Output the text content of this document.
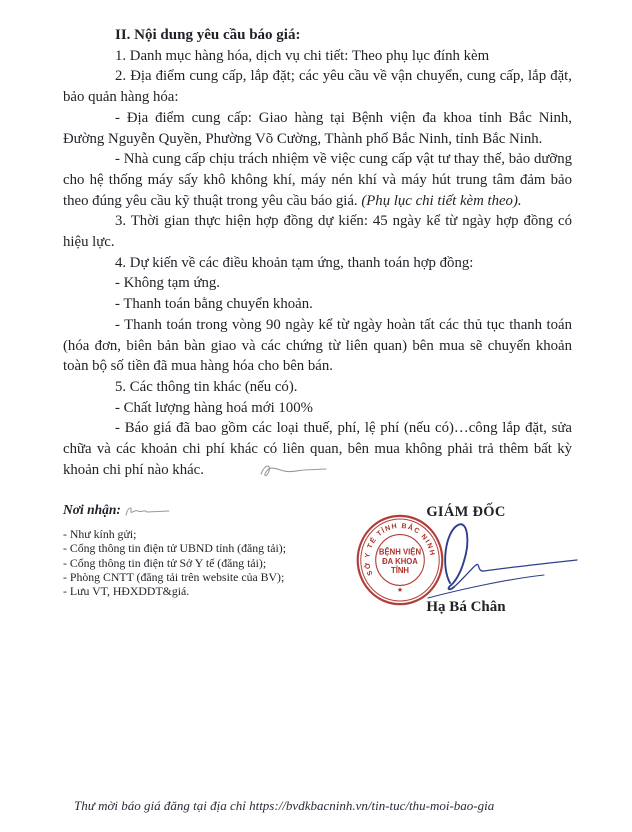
II. Nội dung yêu cầu báo giá:

1. Danh mục hàng hóa, dịch vụ chi tiết: Theo phụ lục đính kèm

2. Địa điểm cung cấp, lắp đặt; các yêu cầu về vận chuyển, cung cấp, lắp đặt, bảo quản hàng hóa:

- Địa điểm cung cấp: Giao hàng tại Bệnh viện đa khoa tỉnh Bắc Ninh, Đường Nguyễn Quyền, Phường Võ Cường, Thành phố Bắc Ninh, tỉnh Bắc Ninh.

- Nhà cung cấp chịu trách nhiệm về việc cung cấp vật tư thay thế, bảo dưỡng cho hệ thống máy sấy khô không khí, máy nén khí và máy hút trung tâm đảm bảo theo đúng yêu cầu kỹ thuật trong yêu cầu báo giá. (Phụ lục chi tiết kèm theo).

3. Thời gian thực hiện hợp đồng dự kiến: 45 ngày kể từ ngày hợp đồng có hiệu lực.

4. Dự kiến về các điều khoản tạm ứng, thanh toán hợp đồng:

- Không tạm ứng.

- Thanh toán bằng chuyển khoản.

- Thanh toán trong vòng 90 ngày kể từ ngày hoàn tất các thủ tục thanh toán (hóa đơn, biên bản bàn giao và các chứng từ liên quan) bên mua sẽ chuyển khoản toàn bộ số tiền đã mua hàng hóa cho bên bán.

5. Các thông tin khác (nếu có).

- Chất lượng hàng hoá mới 100%

- Báo giá đã bao gồm các loại thuế, phí, lệ phí (nếu có)…công lắp đặt, sửa chữa và các khoản chi phí khác có liên quan, bên mua không phải trả thêm bất kỳ khoản chi phí nào khác.

Nơi nhận:
- Như kính gửi;
- Cổng thông tin điện tử UBND tỉnh (đăng tải);
- Cổng thông tin điện tử Sở Y tế (đăng tải);
- Phòng CNTT (đăng tải trên website của BV);
- Lưu VT, HĐXDDT&giá.
GIÁM ĐỐC
SỞ Y TẾ TỈNH BẮC NINH
BỆNH VIỆN
ĐA KHOA
TỈNH
★
Hạ Bá Chân
Thư mời báo giá đăng tại địa chỉ https://bvdkbacninh.vn/tin-tuc/thu-moi-bao-gia
